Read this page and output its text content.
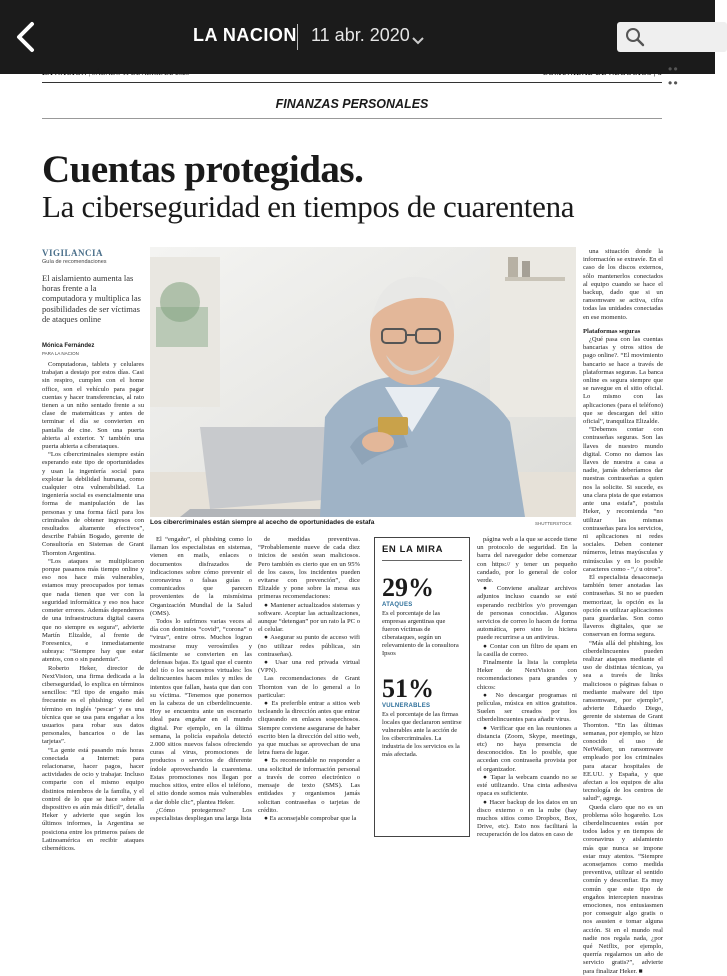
LA NACION 11 abr. 2020
LA NACION | SÁBADO 11 DE ABRIL DE 2020	COMUNIDAD DE NEGOCIOS | 5 • •
• •
FINANZAS PERSONALES
Cuentas protegidas.
La ciberseguridad en tiempos de cuarentena
VIGILANCIA
Guía de recomendaciones
El aislamiento aumenta las horas frente a la computadora y multiplica las posibilidades de ser víctimas de ataques online
Mónica Fernández
PARA LA NACION

Computadoras, tablets y celulares trabajan a destajo por estos días. Casi sin respiro, cumplen con el home office, son el vehículo para pagar cuentas y hacer transferencias, al rato tienen a un niño sentado frente a su clase de matemáticas y antes de terminar el día se convierten en pantalla de cine. Son una puerta abierta al exterior. Y también una puerta abierta a ciberataques.

“Los cibercriminales siempre están esperando este tipo de oportunidades y usan la ingeniería social para explotar la debilidad humana, como cualquier otra vulnerabilidad. La ingeniería social es esencialmente una forma de manipulación de las personas y una forma fácil para los criminales de obtener ingresos con resultados altamente efectivos”, describe Fabián Bogado, gerente de Consultoría en Sistemas de Grant Thornton Argentina.

“Los ataques se multiplicaron porque pasamos más tiempo online y eso nos hace más vulnerables, estamos muy preocupados por temas que nada tienen que ver con la seguridad informática y eso nos hace cometer errores. Además dependemos de una infraestructura digital casera que no siempre es segura”, advierte Martín Elizalde, al frente de Foresenics, e inmediatamente subraya: “Siempre hay que estar atentos, con o sin pandemia”.

Roberto Heker, director de NextVision, una firma dedicada a la ciberseguridad, lo explica en términos sencillos: “El tipo de engaño más frecuente es el phishing: viene del término en inglés ‘pescar’ y es una técnica que se usa para engañar a los usuarios para robar sus datos personales, bancarios o de las tarjetas”.

“La gente está pasando más horas conectada a Internet: para relacionarse, hacer pagos, hacer actividades de ocio y trabajar. Incluso comparte con el mismo equipo distintos miembros de la familia, y el control de lo que se hace sobre el dispositivo es aún más difícil”, detalla Heker y advierte que según los últimos informes, la Argentina se posiciona entre los primeros países de Latinoamérica en recibir ataques cibernéticos.

Los cibercriminales están siempre al acecho de oportunidades de estafa	SHUTTERSTOCK

El “engaño”, el phishing como lo llaman los especialistas en sistemas, vienen en mails, enlaces o documentos disfrazados de indicaciones sobre cómo prevenir el coronavirus o falsas guías o comunicados que parecen provenientes de la mismísima Organización Mundial de la Salud (OMS).

Todos lo sufrimos varias veces al día con dominios “covid”, “corona” o “virus”, entre otros. Muchos logran mostrarse muy verosímiles y fácilmente se convierten en las defensas bajas. Es igual que el cuento del tío o los secuestros virtuales: los delincuentes hacen miles y miles de intentos que fallan, hasta que dan con su víctima. “Tenemos que ponernos en la cabeza de un ciberdelincuente. Hoy se encuentra ante un escenario ideal para engañar en el mundo digital. Por ejemplo, en la última semana, la policía española detectó 2.000 sitios nuevos falsos ofreciendo curas al virus, promociones de productos o servicios de diferente índole aprovechando la cuarentena. Estas promociones nos llegan por muchos sitios, entre ellos el teléfono, el sitio donde somos más vulnerables a dar doble clic”, plantea Heker.

¿Cómo protegernos? Los especialistas despliegan una larga lista

de medidas preventivas. “Probablemente nueve de cada diez inicios de sesión sean maliciosos. Pero también es cierto que en un 95% de los casos, los incidentes pueden evitarse con prevención”, dice Elizalde y pone sobre la mesa sus primeras recomendaciones:

● Mantener actualizados sistemas y software. Aceptar las actualizaciones, aunque “detengan” por un rato la PC o el celular.

● Asegurar su punto de acceso wifi (no utilizar redes públicas, sin contraseñas).

● Usar una red privada virtual (VPN).

Las recomendaciones de Grant Thornton van de lo general a lo particular:

● Es preferible entrar a sitios web tecleando la dirección antes que entrar cliqueando en enlaces sospechosos. Siempre conviene asegurarse de haber escrito bien la dirección del sitio web, ya que muchas se aprovechan de una letra fuera de lugar.

● Es recomendable no responder a una solicitud de información personal a través de correo electrónico o mensaje de texto (SMS). Las entidades y organismos jamás solicitan contraseñas o tarjetas de crédito.

● Es aconsejable comprobar que la

EN LA MIRA
29%
ATAQUES
Es el porcentaje de las empresas argentinas que fueron víctimas de ciberataques, según un relevamiento de la consultora Ipsos
51%
VULNERABLES
Es el porcentaje de las firmas locales que declararon sentirse vulnerables ante la acción de los cibercriminales. La industria de los servicios es la más afectada.

página web a la que se accede tiene un protocolo de seguridad. En la barra del navegador debe comenzar con https:// y tener un pequeño candado, por lo general de color verde.

● Conviene analizar archivos adjuntos incluso cuando se esté esperando recibirlos y/o provengan de personas conocidas. Algunos servicios de correo lo hacen de forma automática, pero sino lo hiciera puede recurrirse a un antivirus.

● Contar con un filtro de spam en la casilla de correo.

Finalmente la lista la completa Heker de NextVision con recomendaciones para grandes y chicos:

● No descargar programas ni películas, música en sitios gratuitos. Suelen ser creados por los ciberdelincuentes para añadir virus.

● Verificar que en las reuniones a distancia (Zoom, Skype, meetings, etc) no haya presencia de desconocidos. En lo posible, que accedan con contraseña provista por el organizador.

● Tapar la webcam cuando no se esté utilizando. Una cinta adhesiva opaca es suficiente.

● Hacer backup de los datos en un disco externo o en la nube (hay muchos sitios como Dropbox, Box, Drive, etc). Esto nos facilitará la recuperación de los datos en caso de

una situación donde la información se extravíe. En el caso de los discos externos, sólo mantenerlos conectados al equipo cuando se hace el backup, dado que si un ransomware se activa, cifra todas las unidades conectadas en ese momento.

Plataformas seguras

¿Qué pasa con las cuentas bancarias y otros sitios de pago online?. “El movimiento bancario se hace a través de plataformas seguras. La banca online es segura siempre que se navegue en el sitio oficial. Lo mismo con las aplicaciones (para el teléfono) que se descargan del sitio oficial”, tranquiliza Elizalde.

“Debemos contar con contraseñas seguras. Son las llaves de nuestro mundo digital. Como no damos las llaves de nuestra a casa a nadie, jamás deberíamos dar nuestras contraseñas a quien nos la solicite. Si sucede, es una clara pista de que estamos ante una estafa”, postula Heker, y recomienda “no utilizar las mismas contraseñas para los servicios, ni aplicaciones ni redes sociales. Deben contener números, letras mayúsculas y minúsculas y en lo posible caracteres como - “,/ u otros”.

El especialista desaconseja también tener anotadas las contraseñas. Si no se pueden memorizar, la opción es la opción es utilizar aplicaciones para guardarlas. Son como llaveros digitales, que se conservan en forma segura.

“Más allá del phishing, los ciberdelincuentes pueden realizar ataques mediante el uso de distintas técnicas, ya sea a través de links maliciosos o páginas falsas o mediante malware del tipo ransomware, por ejemplo”, advierte Eduardo Diego, gerente de sistemas de Grant Thornton. “En las últimas semanas, por ejemplo, se hizo conocido el uso de NetWalker, un ransomware empleado por los criminales para atacar hospitales de EE.UU. y España, y que afectan a los equipos de alta tecnología de los centros de salud”, agrega.

Queda claro que no es un problema sólo hogareño. Los ciberdelincuentes están por todos lados y en tiempos de coronavirus y aislamiento más que nunca se impone estar muy atentos. “Siempre aconsejamos como medida preventiva, utilizar el sentido común y desconfiar. Es muy común que este tipo de engaños intercepten nuestras emociones, nos entusiasmen por conseguir algo gratis o nos asusten e tomar alguna acción. Si en el mundo real nadie nos regala nada, ¿por qué Netflix, por ejemplo, querría regalarnos un año de servicio gratis?”, advierte para finalizar Heker. ■
